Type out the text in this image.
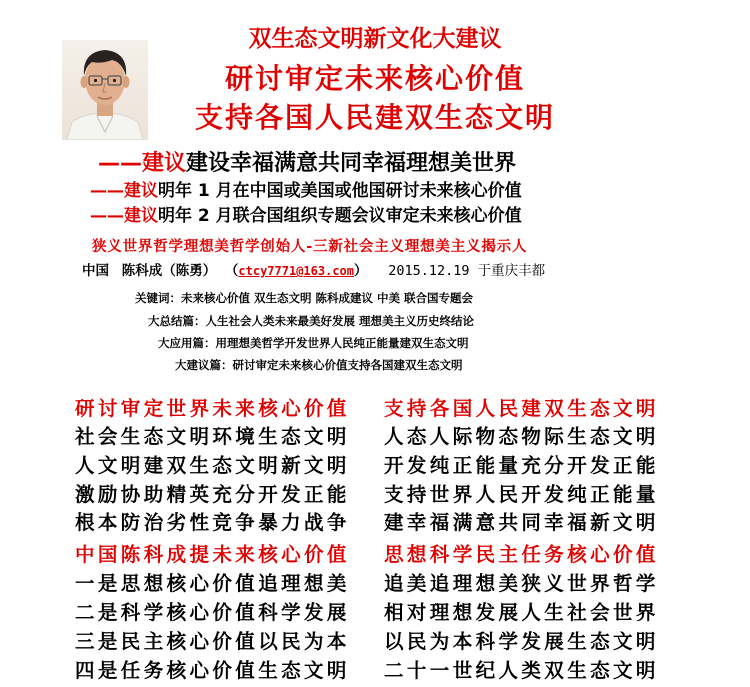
双生态文明新文化大建议
研讨审定未来核心价值
支持各国人民建双生态文明
——建议建设幸福满意共同幸福理想美世界
——建议明年 1 月在中国或美国或他国研讨未来核心价值
——建议明年 2 月联合国组织专题会议审定未来核心价值
狭义世界哲学理想美哲学创始人-三新社会主义理想美主义揭示人
中国 陈科成（陈勇） （ctcy7771@163.com） 2015.12.19 于重庆丰都
关键词：未来核心价值 双生态文明 陈科成建议 中美 联合国专题会
大总结篇：人生社会人类未来最美好发展 理想美主义历史终结论
大应用篇：用理想美哲学开发世界人民纯正能量建双生态文明
大建议篇：研讨审定未来核心价值支持各国建双生态文明
研讨审定世界未来核心价值
社会生态文明环境生态文明
人文明建双生态文明新文明
激励协助精英充分开发正能
根本防治劣性竞争暴力战争
中国陈科成提未来核心价值
一是思想核心价值追理想美
二是科学核心价值科学发展
三是民主核心价值以民为本
四是任务核心价值生态文明
支持各国人民建双生态文明
人态人际物态物际生态文明
开发纯正能量充分开发正能
支持世界人民开发纯正能量
建幸福满意共同幸福新文明
思想科学民主任务核心价值
追美追理想美狭义世界哲学
相对理想发展人生社会世界
以民为本科学发展生态文明
二十一世纪人类双生态文明
